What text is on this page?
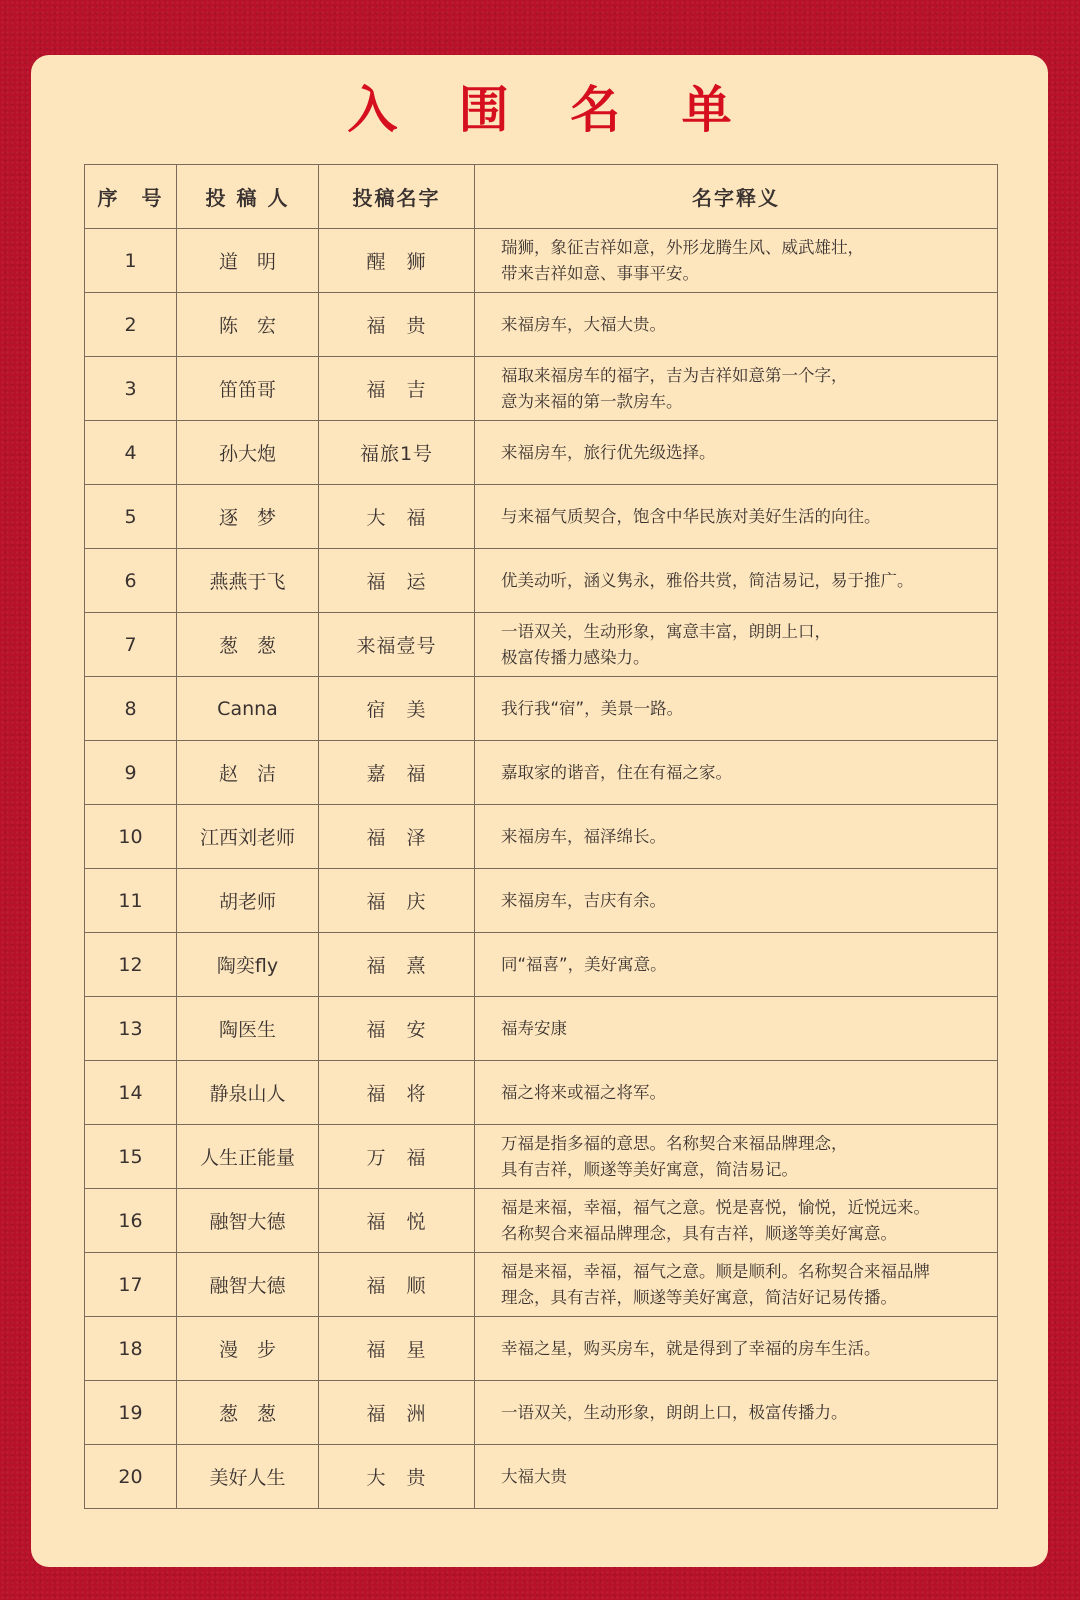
入 围 名 单
序　号	投 稿 人	投稿名字	名字释义
1	道　明	醒　狮	瑞狮，象征吉祥如意，外形龙腾生风、威武雄壮，
带来吉祥如意、事事平安。

2	陈　宏	福　贵	来福房车，大福大贵。

3	笛笛哥	福　吉	福取来福房车的福字，吉为吉祥如意第一个字，
意为来福的第一款房车。

4	孙大炮	福旅1号	来福房车，旅行优先级选择。

5	逐　梦	大　福	与来福气质契合，饱含中华民族对美好生活的向往。

6	燕燕于飞	福　运	优美动听，涵义隽永，雅俗共赏，简洁易记，易于推广。

7	葱　葱	来福壹号	一语双关，生动形象，寓意丰富，朗朗上口，
极富传播力感染力。

8	Canna	宿　美	我行我“宿”，美景一路。

9	赵　洁	嘉　福	嘉取家的谐音，住在有福之家。

10	江西刘老师	福　泽	来福房车，福泽绵长。

11	胡老师	福　庆	来福房车，吉庆有余。

12	陶奕fly	福　熹	同“福喜”，美好寓意。

13	陶医生	福　安	福寿安康

14	静泉山人	福　将	福之将来或福之将军。

15	人生正能量	万　福	万福是指多福的意思。名称契合来福品牌理念，
具有吉祥，顺遂等美好寓意，简洁易记。

16	融智大德	福　悦	福是来福，幸福，福气之意。悦是喜悦，愉悦，近悦远来。
名称契合来福品牌理念，具有吉祥，顺遂等美好寓意。

17	融智大德	福　顺	福是来福，幸福，福气之意。顺是顺利。名称契合来福品牌
理念，具有吉祥，顺遂等美好寓意，简洁好记易传播。

18	漫　步	福　星	幸福之星，购买房车，就是得到了幸福的房车生活。

19	葱　葱	福　洲	一语双关，生动形象，朗朗上口，极富传播力。

20	美好人生	大　贵	大福大贵
